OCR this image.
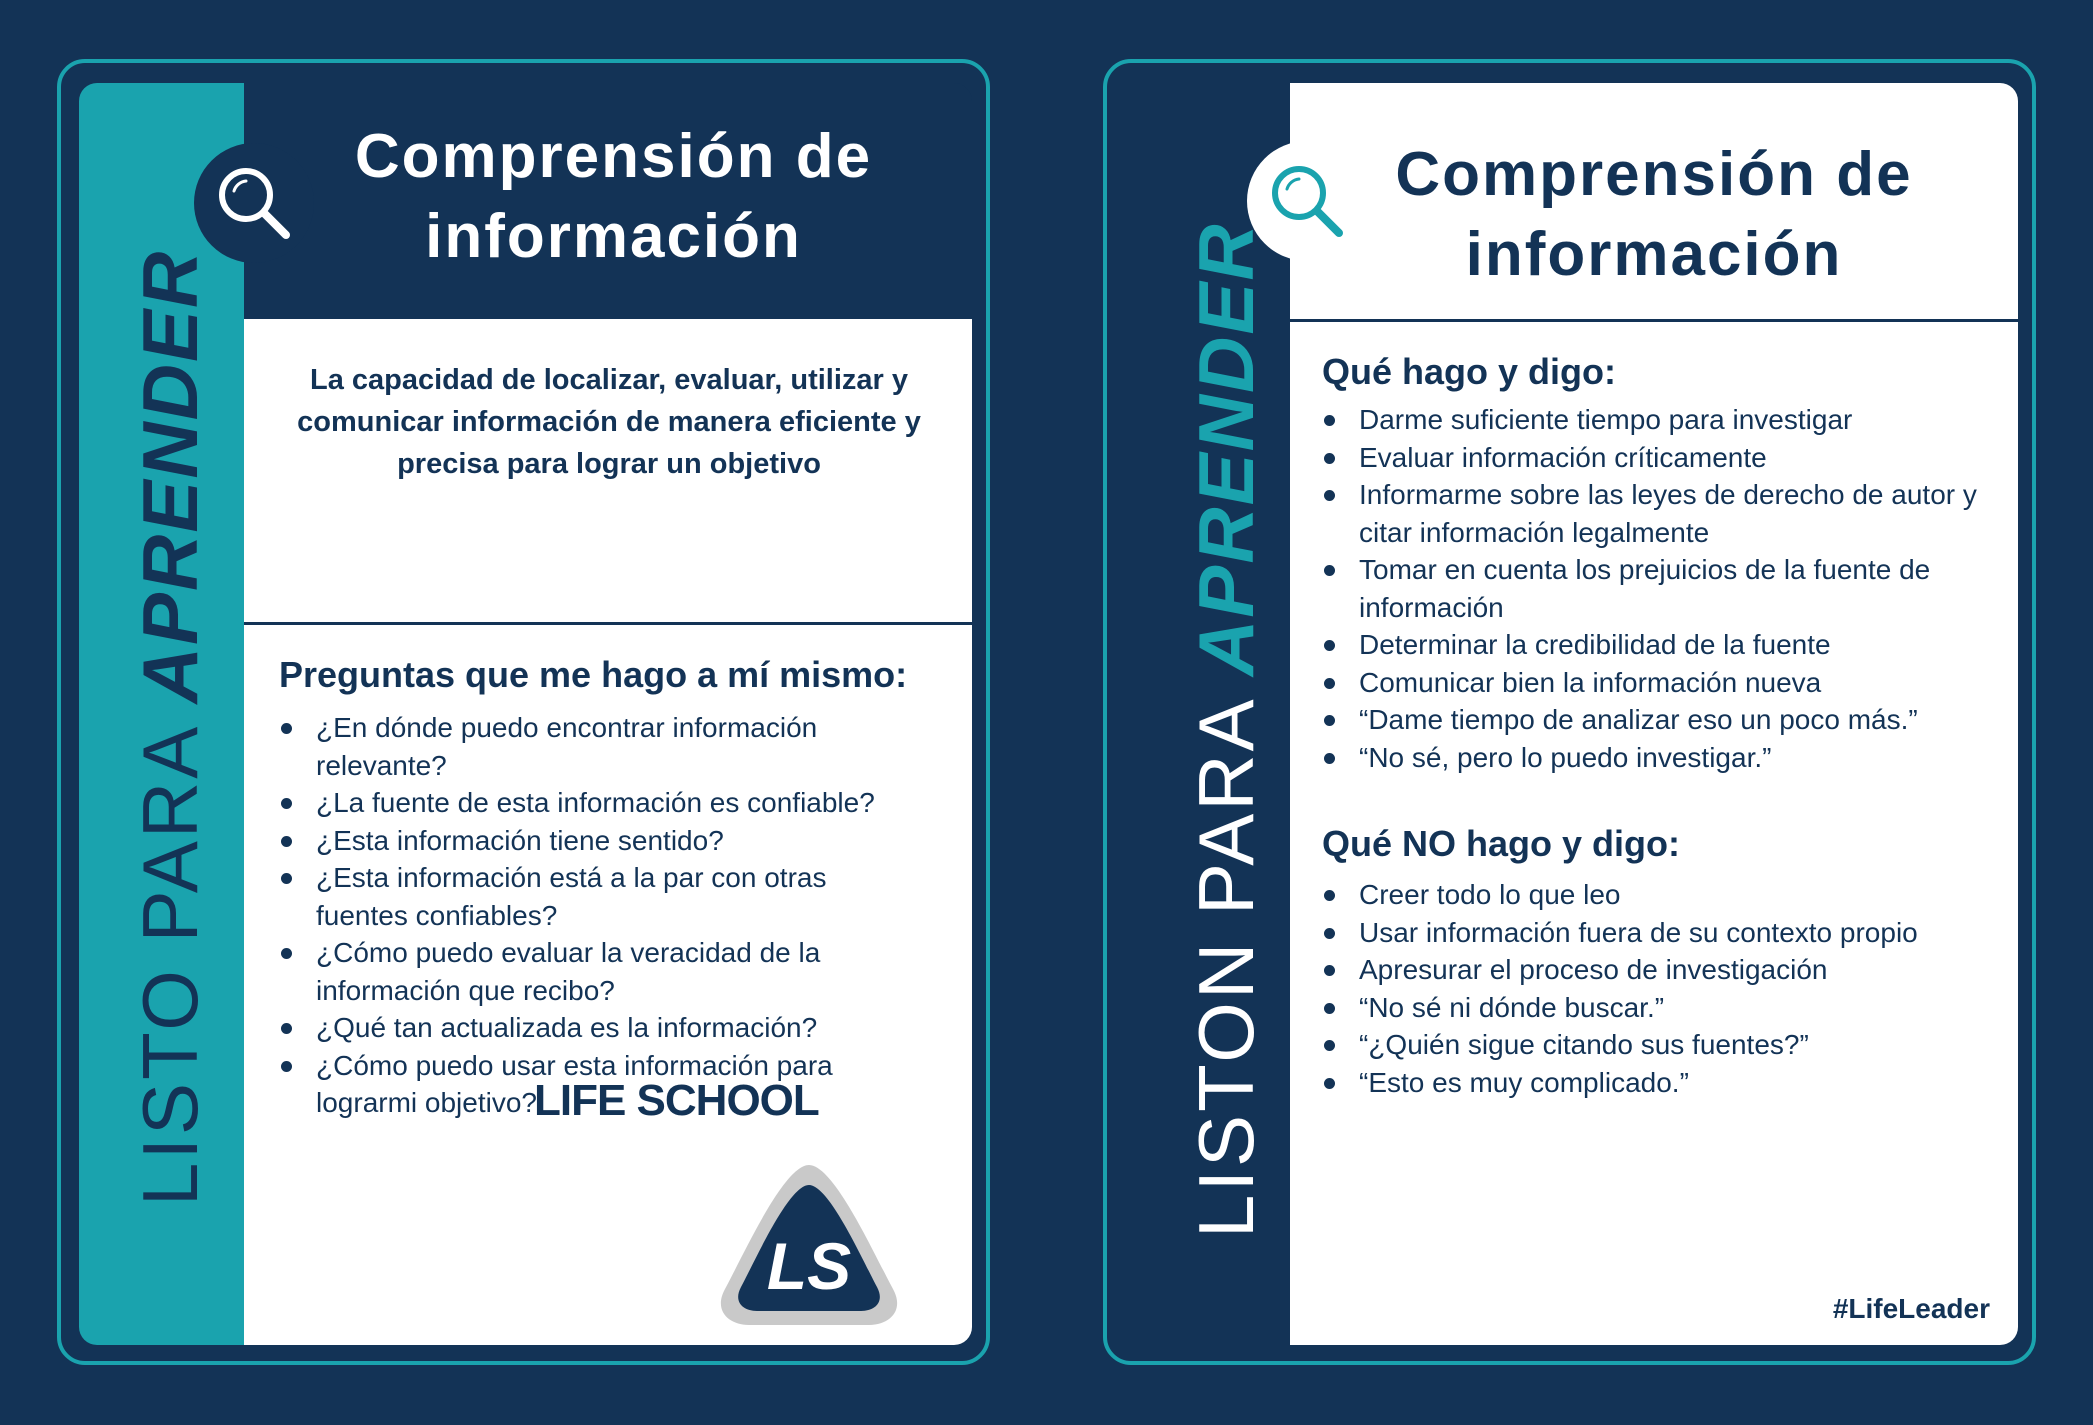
LISTO PARA APRENDER
Comprensión de
información

La capacidad de localizar, evaluar, utilizar y comunicar información de manera eficiente y precisa para lograr un objetivo

Preguntas que me hago a mí mismo:
¿En dónde puedo encontrar información relevante?
¿La fuente de esta información es confiable?
¿Esta información tiene sentido?
¿Esta información está a la par con otras fuentes confiables?
¿Cómo puedo evaluar la veracidad de la información que recibo?
¿Qué tan actualizada es la información?
¿Cómo puedo usar esta información para lograrmi objetivo?
LS
LIFE SCHOOL	LISTON PARA APRENDER
Comprensión de
información
Qué hago y digo:
Darme suficiente tiempo para investigar
Evaluar información críticamente
Informarme sobre las leyes de derecho de autor y citar información legalmente
Tomar en cuenta los prejuicios de la fuente de información
Determinar la credibilidad de la fuente
Comunicar bien la información nueva
“Dame tiempo de analizar eso un poco más.”
“No sé, pero lo puedo investigar.”
Qué NO hago y digo:
Creer todo lo que leo
Usar información fuera de su contexto propio
Apresurar el proceso de investigación
“No sé ni dónde buscar.”
“¿Quién sigue citando sus fuentes?”
“Esto es muy complicado.”
#LifeLeader
